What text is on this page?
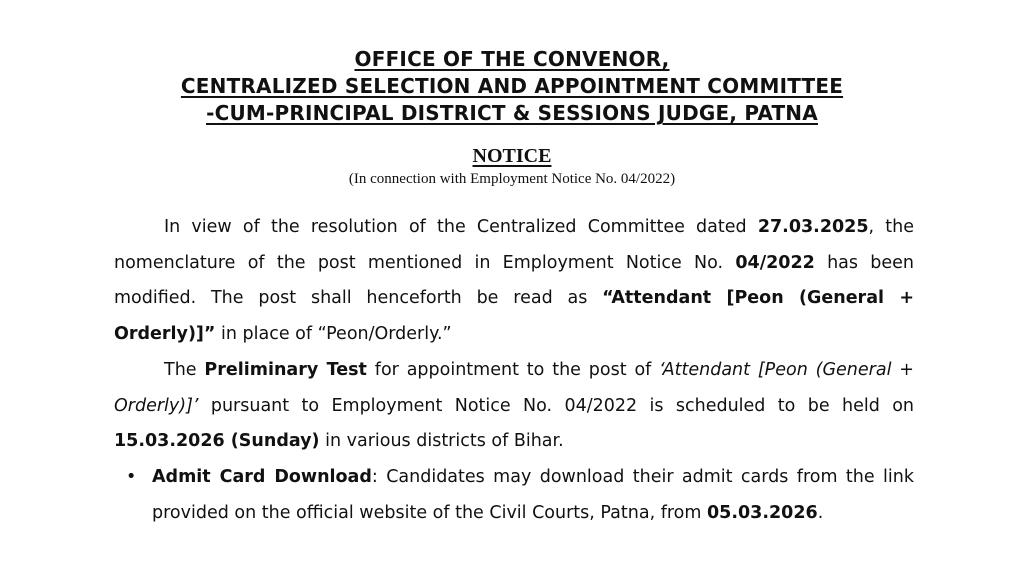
OFFICE OF THE CONVENOR,
CENTRALIZED SELECTION AND APPOINTMENT COMMITTEE
-CUM-PRINCIPAL DISTRICT & SESSIONS JUDGE, PATNA
NOTICE
(In connection with Employment Notice No. 04/2022)

In view of the resolution of the Centralized Committee dated 27.03.2025, the nomenclature of the post mentioned in Employment Notice No. 04/2022 has been modified. The post shall henceforth be read as “Attendant [Peon (General + Orderly)]” in place of “Peon/Orderly.”

The Preliminary Test for appointment to the post of ‘Attendant [Peon (General + Orderly)]’ pursuant to Employment Notice No. 04/2022 is scheduled to be held on 15.03.2026 (Sunday) in various districts of Bihar.

• Admit Card Download: Candidates may download their admit cards from the link provided on the official website of the Civil Courts, Patna, from 05.03.2026.
